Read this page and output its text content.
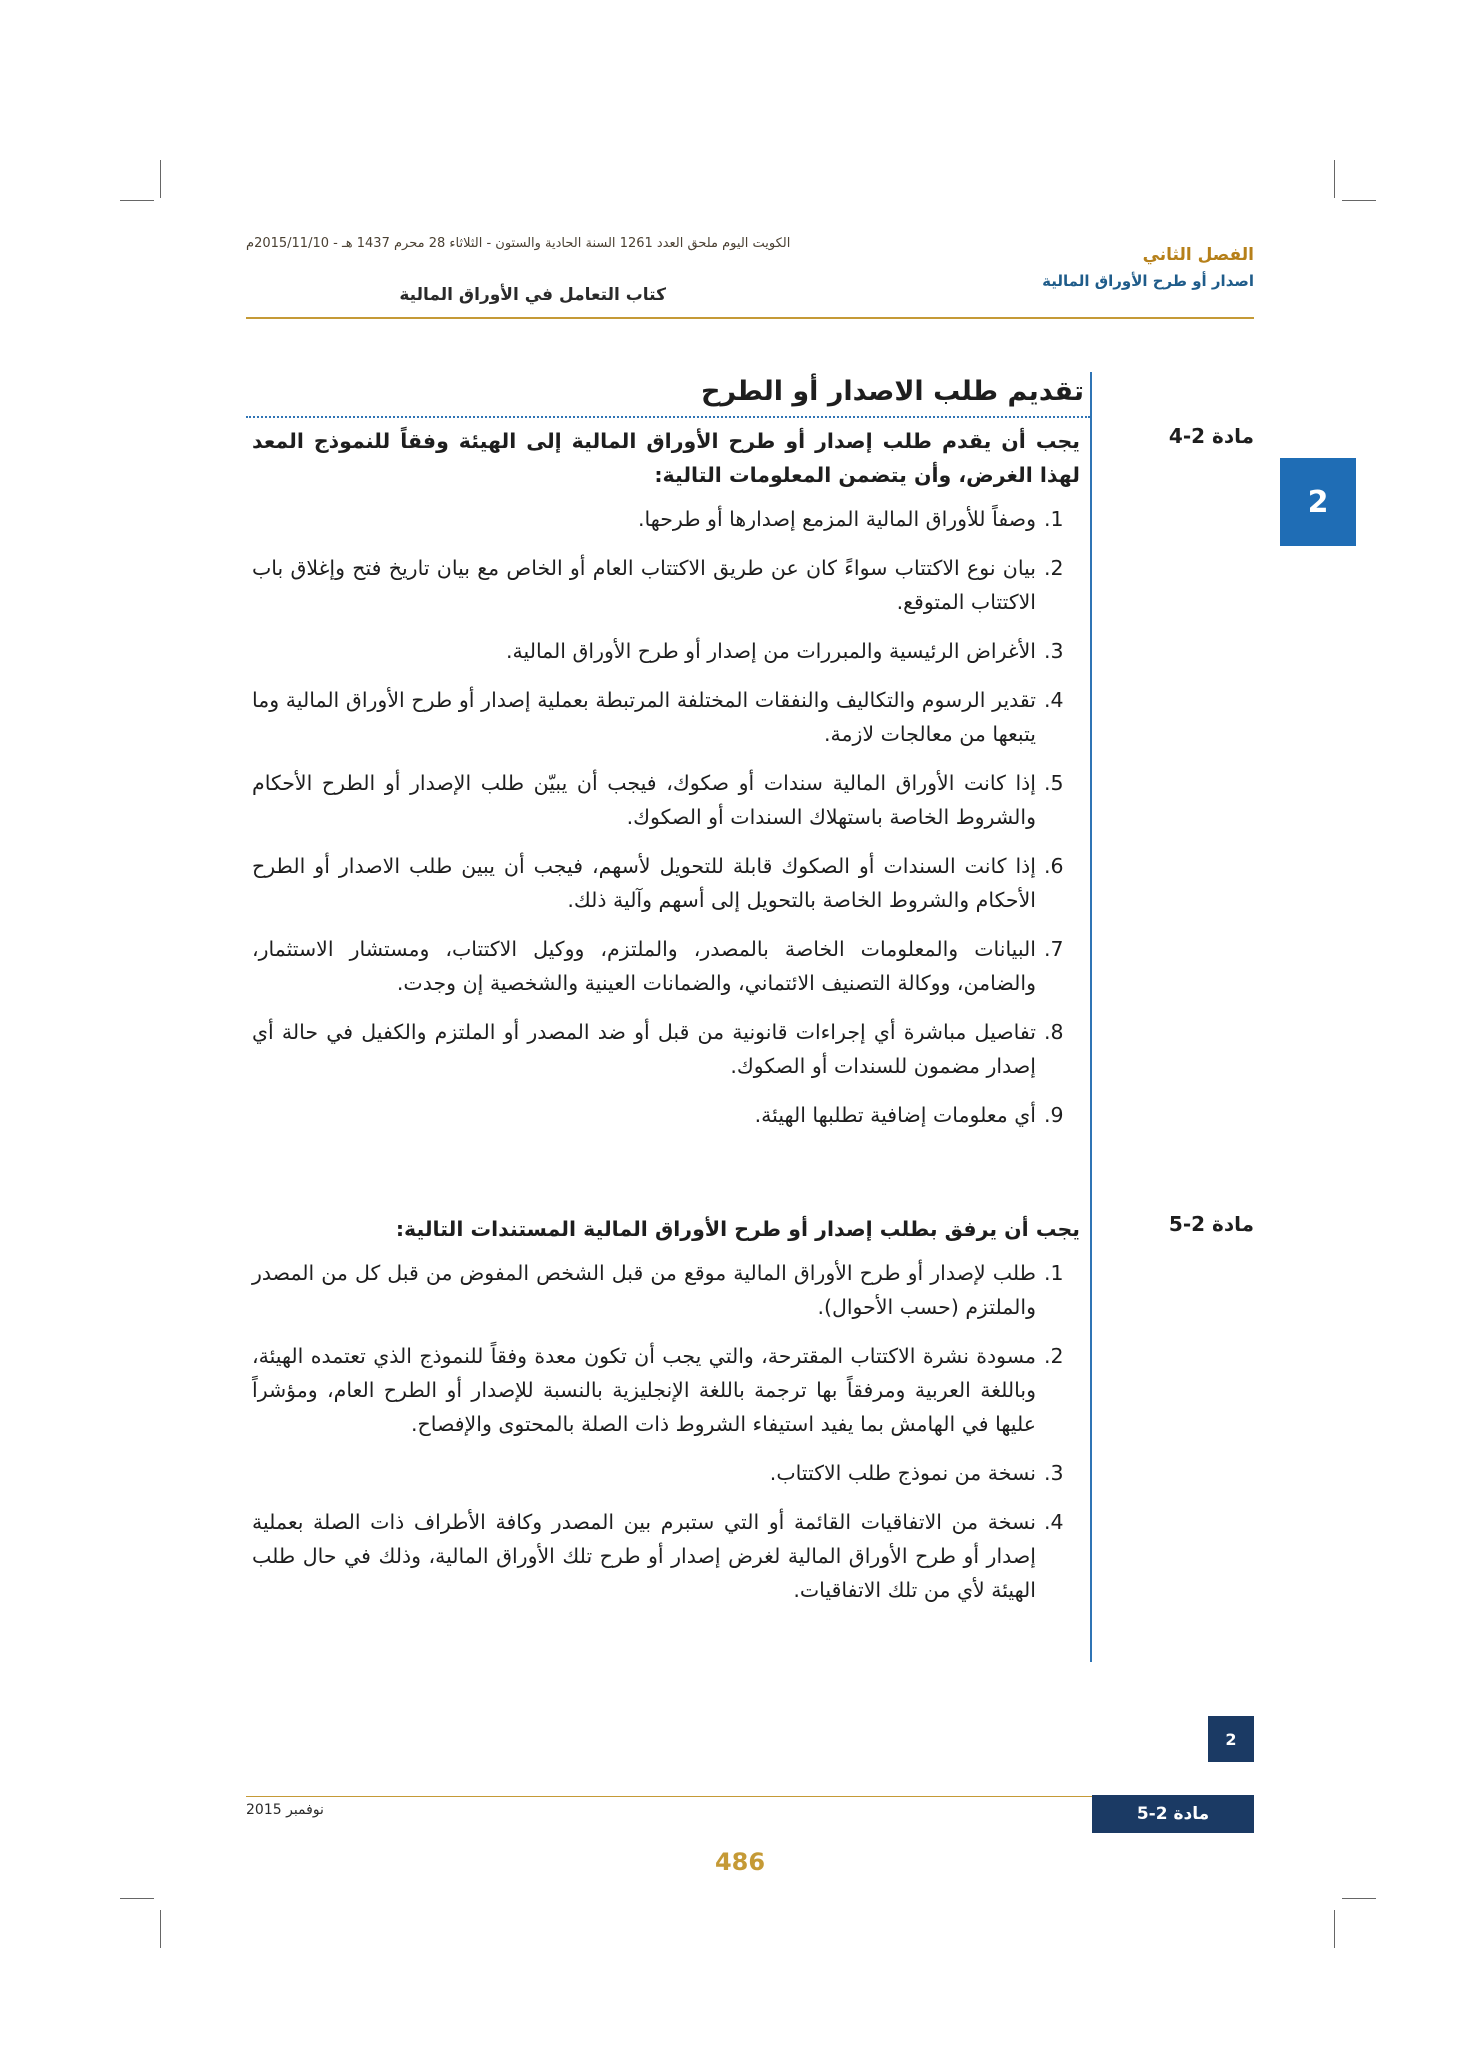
الكويت اليوم ملحق العدد 1261 السنة الحادية والستون - الثلاثاء 28 محرم 1437 هـ - 2015/11/10م
الفصل الثاني
اصدار أو طرح الأوراق المالية
كتاب التعامل في الأوراق المالية
2
تقديم طلب الاصدار أو الطرح
مادة 2-4

يجب أن يقدم طلب إصدار أو طرح الأوراق المالية إلى الهيئة وفقاً للنموذج المعد لهذا الغرض، وأن يتضمن المعلومات التالية:

1.
وصفاً للأوراق المالية المزمع إصدارها أو طرحها.
2.
بيان نوع الاكتتاب سواءً كان عن طريق الاكتتاب العام أو الخاص مع بيان تاريخ فتح وإغلاق باب الاكتتاب المتوقع.
3.
الأغراض الرئيسية والمبررات من إصدار أو طرح الأوراق المالية.
4.
تقدير الرسوم والتكاليف والنفقات المختلفة المرتبطة بعملية إصدار أو طرح الأوراق المالية وما يتبعها من معالجات لازمة.
5.
إذا كانت الأوراق المالية سندات أو صكوك، فيجب أن يبيّن طلب الإصدار أو الطرح الأحكام والشروط الخاصة باستهلاك السندات أو الصكوك.
6.
إذا كانت السندات أو الصكوك قابلة للتحويل لأسهم، فيجب أن يبين طلب الاصدار أو الطرح الأحكام والشروط الخاصة بالتحويل إلى أسهم وآلية ذلك.
7.
البيانات والمعلومات الخاصة بالمصدر، والملتزم، ووكيل الاكتتاب، ومستشار الاستثمار، والضامن، ووكالة التصنيف الائتماني، والضمانات العينية والشخصية إن وجدت.
8.
تفاصيل مباشرة أي إجراءات قانونية من قبل أو ضد المصدر أو الملتزم والكفيل في حالة أي إصدار مضمون للسندات أو الصكوك.
9.
أي معلومات إضافية تطلبها الهيئة.
مادة 2-5

يجب أن يرفق بطلب إصدار أو طرح الأوراق المالية المستندات التالية:

1.
طلب لإصدار أو طرح الأوراق المالية موقع من قبل الشخص المفوض من قبل كل من المصدر والملتزم (حسب الأحوال).
2.
مسودة نشرة الاكتتاب المقترحة، والتي يجب أن تكون معدة وفقاً للنموذج الذي تعتمده الهيئة، وباللغة العربية ومرفقاً بها ترجمة باللغة الإنجليزية بالنسبة للإصدار أو الطرح العام، ومؤشراً عليها في الهامش بما يفيد استيفاء الشروط ذات الصلة بالمحتوى والإفصاح.
3.
نسخة من نموذج طلب الاكتتاب.
4.
نسخة من الاتفاقيات القائمة أو التي ستبرم بين المصدر وكافة الأطراف ذات الصلة بعملية إصدار أو طرح الأوراق المالية لغرض إصدار أو طرح تلك الأوراق المالية، وذلك في حال طلب الهيئة لأي من تلك الاتفاقيات.
2
نوفمبر 2015	مادة 2-5
486
